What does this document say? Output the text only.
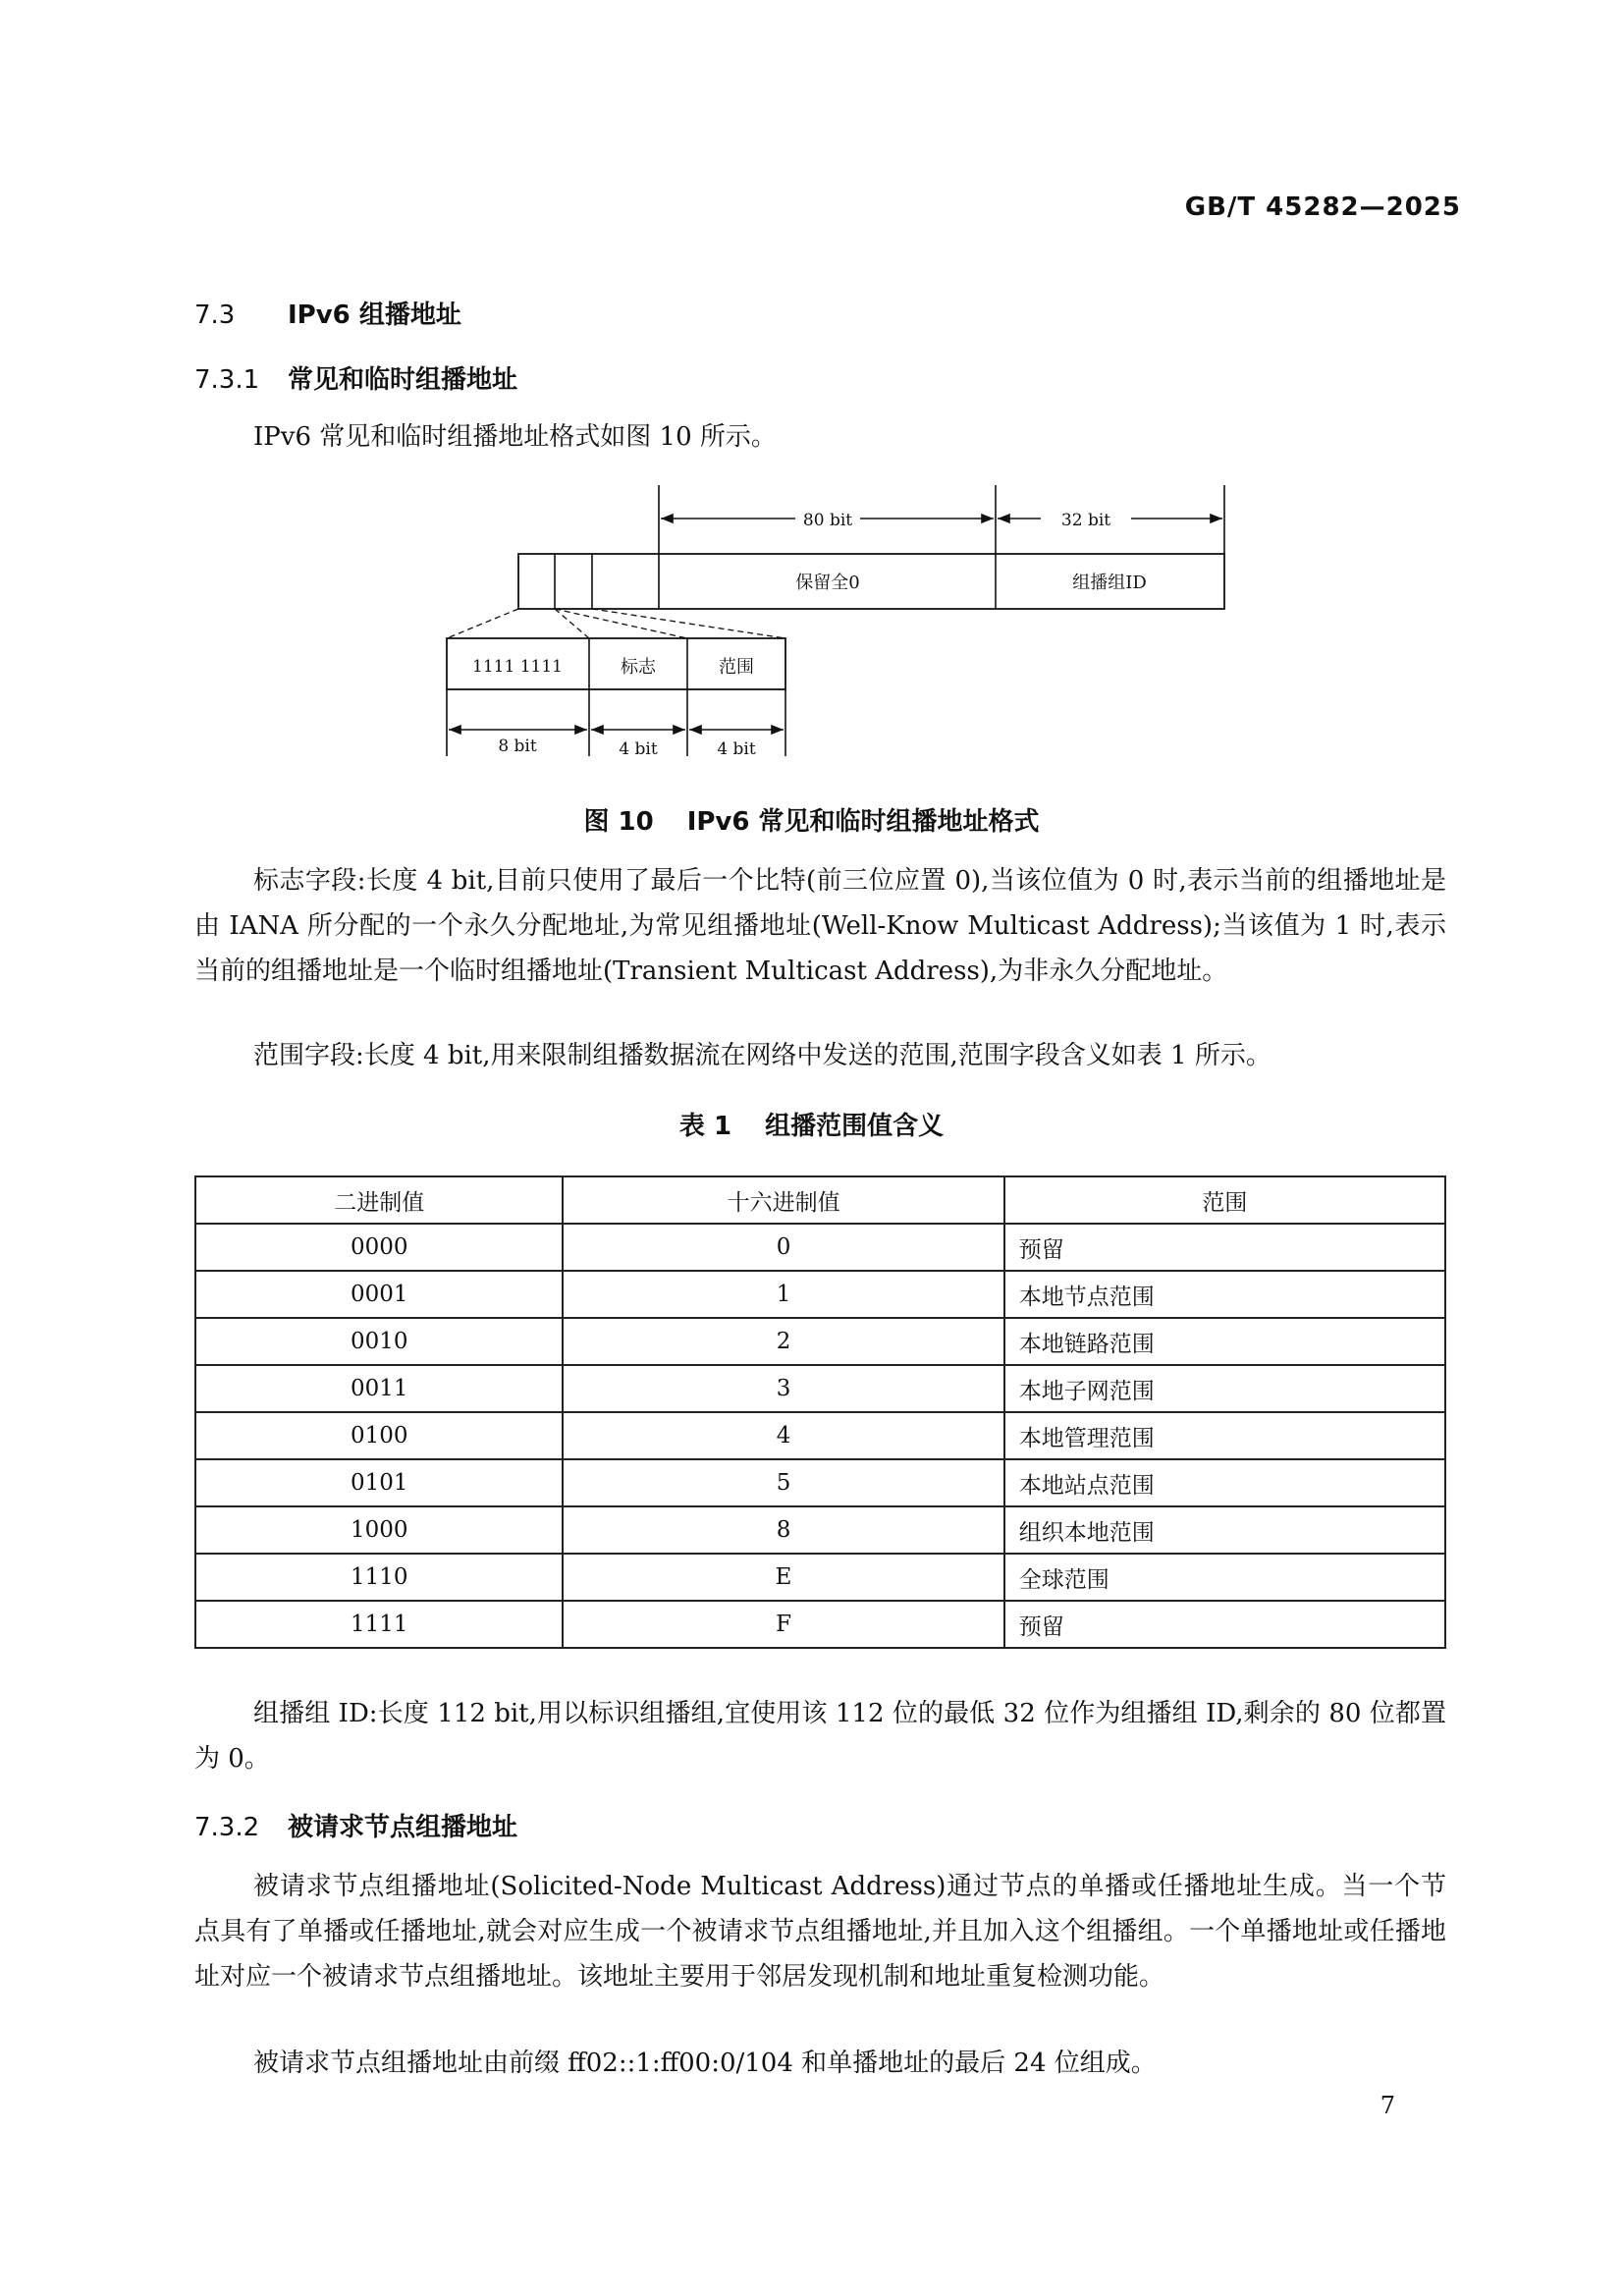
GB/T 45282—2025
7.3 IPv6 组播地址
7.3.1 常见和临时组播地址
IPv6 常见和临时组播地址格式如图 10 所示。
80 bit	32 bit
保留全0	组播组ID
1111 1111	标志	范围
8 bit	4 bit	4 bit
图 10 IPv6 常见和临时组播地址格式
标志字段:长度 4 bit,目前只使用了最后一个比特(前三位应置 0),当该位值为 0 时,表示当前的组播地址是由 IANA 所分配的一个永久分配地址,为常见组播地址(Well-Know Multicast Address);当该值为 1 时,表示当前的组播地址是一个临时组播地址(Transient Multicast Address),为非永久分配地址。
范围字段:长度 4 bit,用来限制组播数据流在网络中发送的范围,范围字段含义如表 1 所示。
表 1 组播范围值含义
二进制值	十六进制值	范围
0000	0	预留
0001	1	本地节点范围
0010	2	本地链路范围
0011	3	本地子网范围
0100	4	本地管理范围
0101	5	本地站点范围
1000	8	组织本地范围
1110	E	全球范围
1111	F	预留
组播组 ID:长度 112 bit,用以标识组播组,宜使用该 112 位的最低 32 位作为组播组 ID,剩余的 80 位都置为 0。
7.3.2 被请求节点组播地址
被请求节点组播地址(Solicited-Node Multicast Address)通过节点的单播或任播地址生成。当一个节点具有了单播或任播地址,就会对应生成一个被请求节点组播地址,并且加入这个组播组。一个单播地址或任播地址对应一个被请求节点组播地址。该地址主要用于邻居发现机制和地址重复检测功能。
被请求节点组播地址由前缀 ff02::1:ff00:0/104 和单播地址的最后 24 位组成。
7
